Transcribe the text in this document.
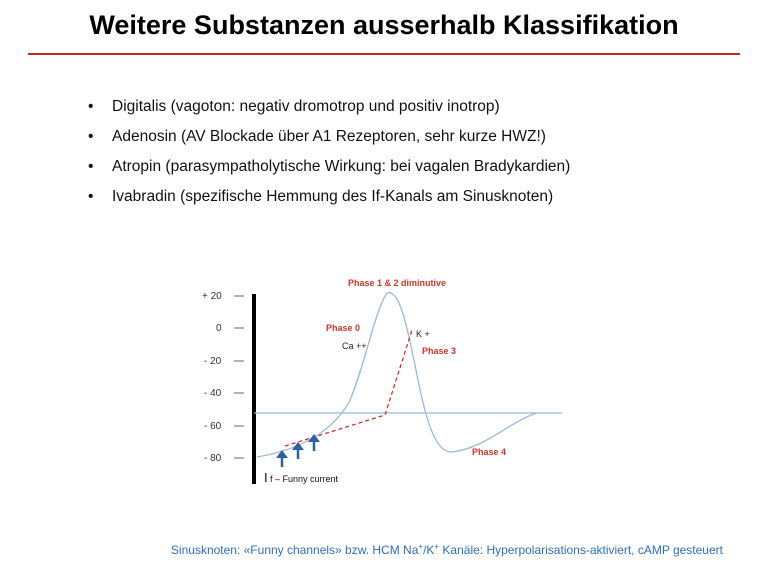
Weitere Substanzen ausserhalb Klassifikation
• Digitalis (vagoton: negativ dromotrop und positiv inotrop)
• Adenosin (AV Blockade über A1 Rezeptoren, sehr kurze HWZ!)
• Atropin (parasympatholytische Wirkung: bei vagalen Bradykardien)
• Ivabradin (spezifische Hemmung des If-Kanals am Sinusknoten)
+ 20
0
- 20
- 40
- 60
- 80
Phase 1 & 2 diminutive
Phase 0
Ca ++
K +
Phase 3
Phase 4
I f – Funny current
Sinusknoten: «Funny channels» bzw. HCM Na+/K+ Kanäle: Hyperpolarisations-aktiviert, cAMP gesteuert
